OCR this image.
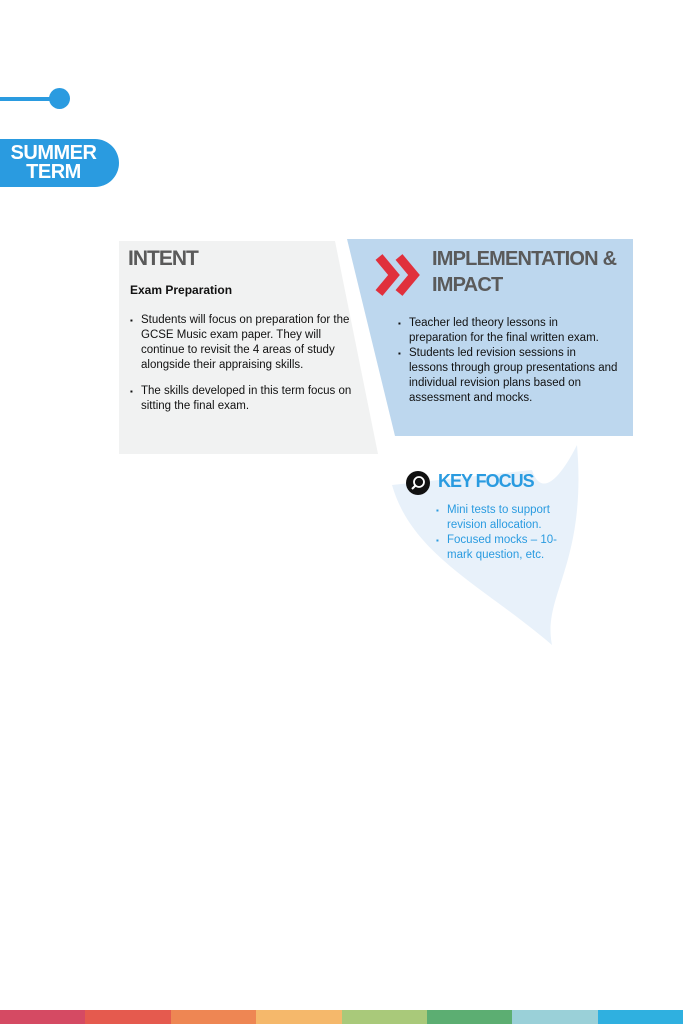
SUMMER
TERM
INTENT
Exam Preparation
▪ Students will focus on preparation for the GCSE Music exam paper. They will continue to revisit the 4 areas of study alongside their appraising skills.
▪ The skills developed in this term focus on sitting the final exam.
IMPLEMENTATION & IMPACT
▪ Teacher led theory lessons in preparation for the final written exam.
▪ Students led revision sessions in lessons through group presentations and individual revision plans based on assessment and mocks.
KEY FOCUS
▪ Mini tests to support revision allocation.
▪ Focused mocks – 10-mark question, etc.
